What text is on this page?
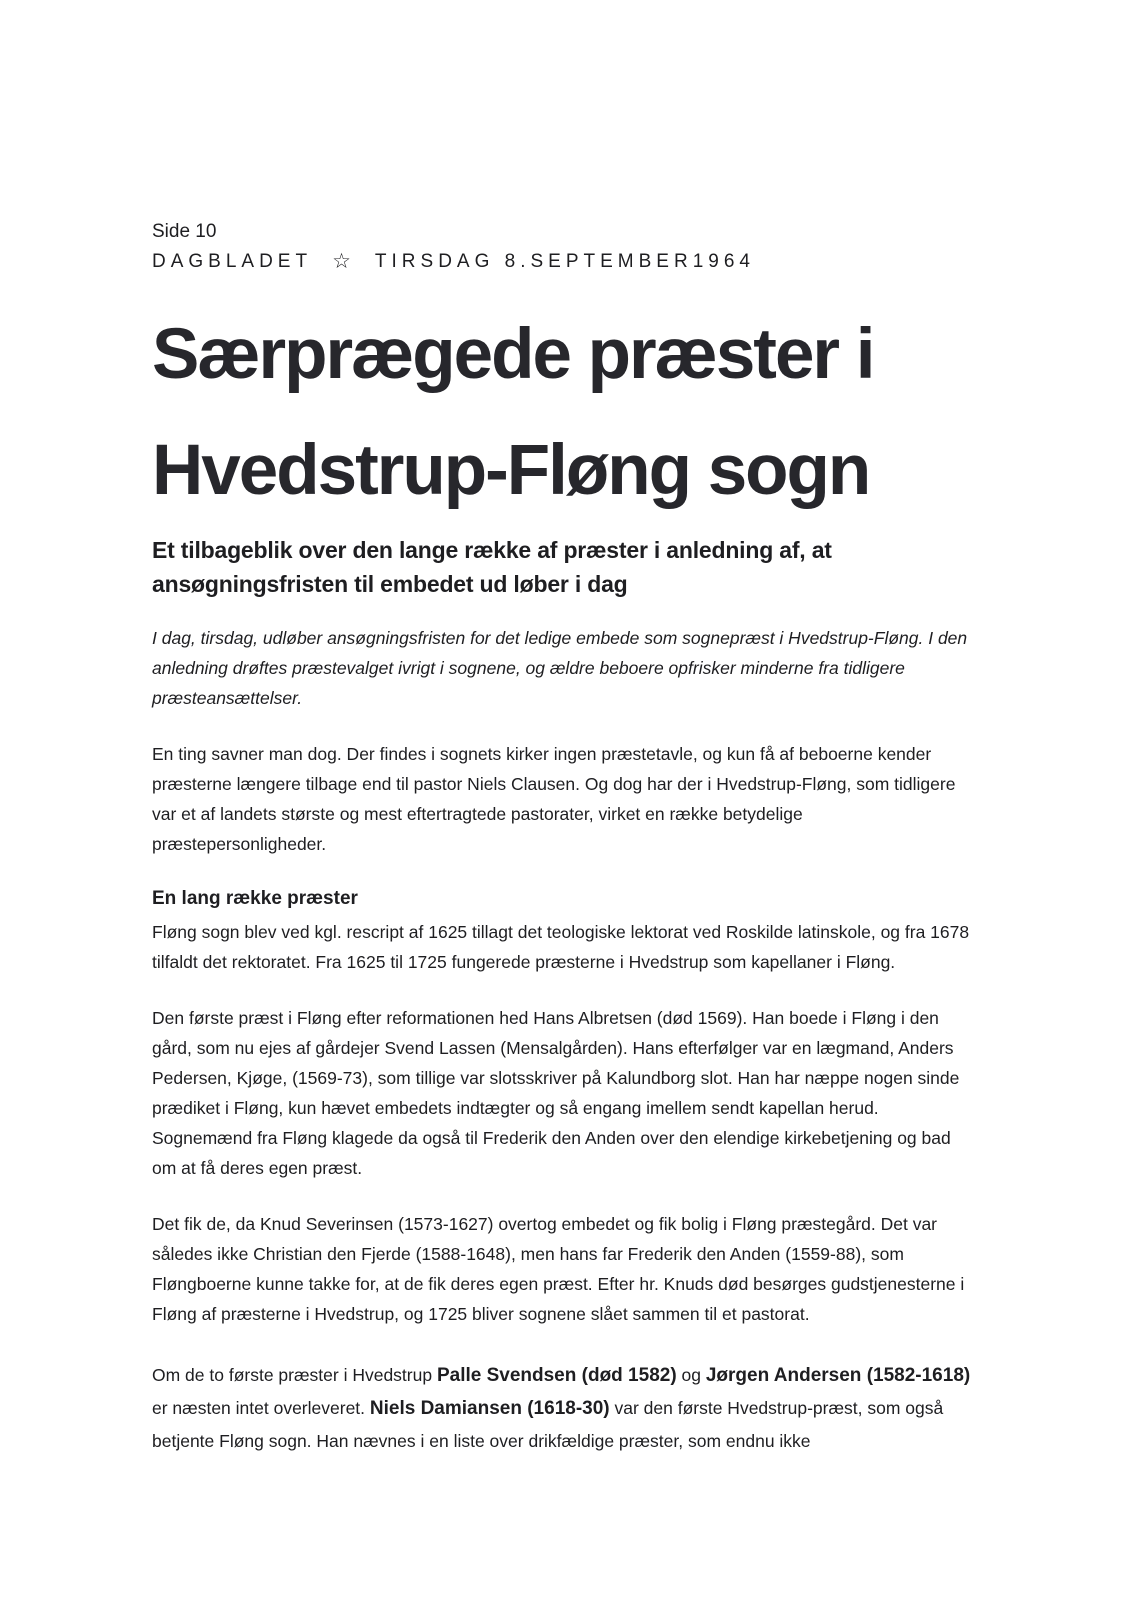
Side 10
DAGBLADET ☆ TIRSDAG 8.SEPTEMBER1964
Særprægede præster i
Hvedstrup-Fløng sogn
Et tilbageblik over den lange række af præster i anledning af, at ansøgningsfristen til embedet ud løber i dag

I dag, tirsdag, udløber ansøgningsfristen for det ledige embede som sognepræst i Hvedstrup-Fløng. I den anledning drøftes præstevalget ivrigt i sognene, og ældre beboere opfrisker minderne fra tidligere præsteansættelser.

En ting savner man dog. Der findes i sognets kirker ingen præstetavle, og kun få af beboerne kender præsterne længere tilbage end til pastor Niels Clausen. Og dog har der i Hvedstrup-Fløng, som tidligere var et af landets største og mest eftertragtede pastorater, virket en række betydelige præstepersonligheder.

En lang række præster

Fløng sogn blev ved kgl. rescript af 1625 tillagt det teologiske lektorat ved Roskilde latinskole, og fra 1678 tilfaldt det rektoratet. Fra 1625 til 1725 fungerede præsterne i Hvedstrup som kapellaner i Fløng.

Den første præst i Fløng efter reformationen hed Hans Albretsen (død 1569). Han boede i Fløng i den gård, som nu ejes af gårdejer Svend Lassen (Mensalgården). Hans efterfølger var en lægmand, Anders Pedersen, Kjøge, (1569-73), som tillige var slotsskriver på Kalundborg slot. Han har næppe nogen sinde prædiket i Fløng, kun hævet embedets indtægter og så engang imellem sendt kapellan herud. Sognemænd fra Fløng klagede da også til Frederik den Anden over den elendige kirkebetjening og bad om at få deres egen præst.

Det fik de, da Knud Severinsen (1573-1627) overtog embedet og fik bolig i Fløng præstegård. Det var således ikke Christian den Fjerde (1588-1648), men hans far Frederik den Anden (1559-88), som Fløngboerne kunne takke for, at de fik deres egen præst. Efter hr. Knuds død besørges gudstjenesterne i Fløng af præsterne i Hvedstrup, og 1725 bliver sognene slået sammen til et pastorat.

Om de to første præster i Hvedstrup Palle Svendsen (død 1582) og Jørgen Andersen (1582-1618) er næsten intet overleveret. Niels Damiansen (1618-30) var den første Hvedstrup-præst, som også betjente Fløng sogn. Han nævnes i en liste over drikfældige præster, som endnu ikke
